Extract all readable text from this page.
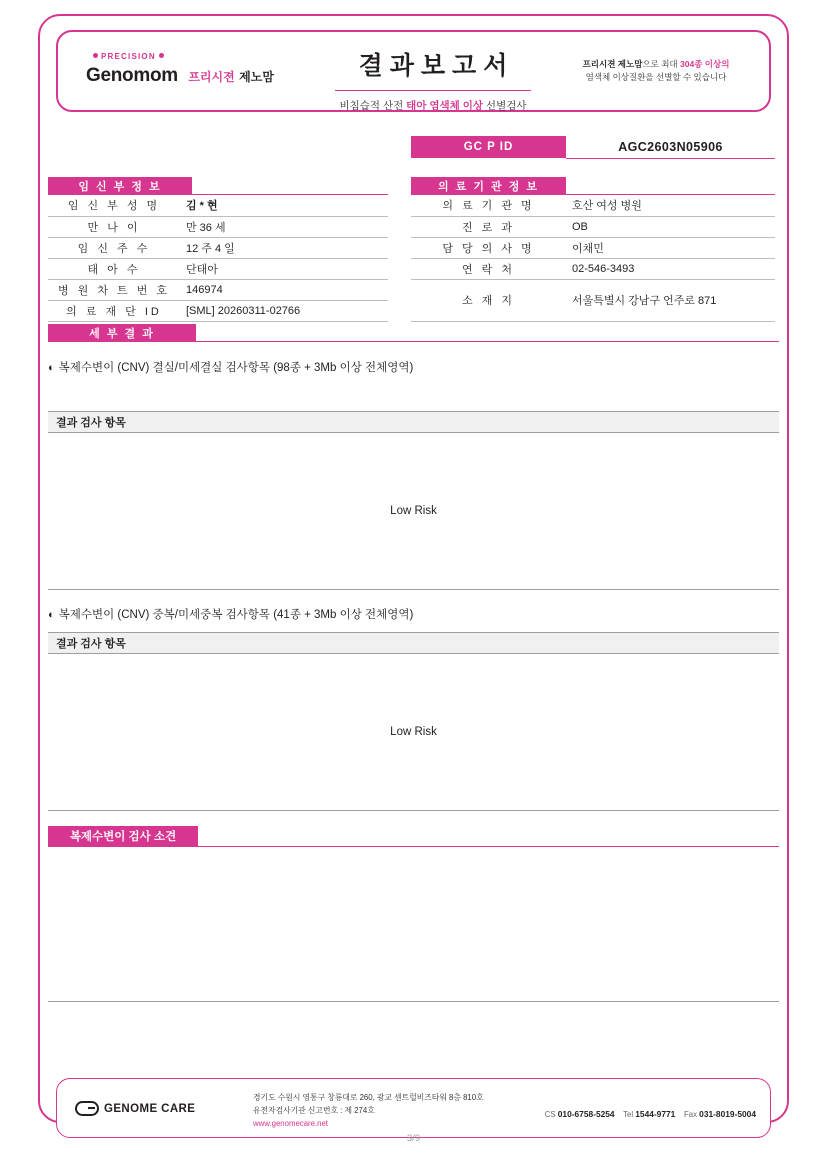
PRECISION
Genomom 프리시젼 제노맘	결과보고서
비침습적 산전 태아 염색체 이상 선별검사
프리시젼 제노맘으로 최대 304종 이상의
염색체 이상질환을 선별할 수 있습니다
GC P ID	AGC2603N05906
임 신 부 정 보
임 신 부 성 명	김 * 현
만 나 이	만 36 세
임 신 주 수	12 주 4 일
태 아 수	단태아
병 원 차 트 번 호	146974
의 료 재 단 ID	[SML] 20260311-02766
의 료 기 관 정 보
의 료 기 관 명	호산 여성 병원
진 로 과	OB
담 당 의 사 명	이채민
연 락 처	02-546-3493
소 재 지	서울특별시 강남구 언주로 871
세 부 결 과
◐ 복제수변이 (CNV) 결실/미세결실 검사항목 (98종 + 3Mb 이상 전체영역)
결과 검사 항목
Low Risk
◐ 복제수변이 (CNV) 중복/미세중복 검사항목 (41종 + 3Mb 이상 전체영역)
결과 검사 항목
Low Risk
복제수변이 검사 소견
GENOME CARE
경기도 수원시 영통구 창룡대로 260, 광교 센트럴비즈타워 8층 810호
유전자검사기관 신고번호 : 제 274호
www.genomecare.net
CS 010-6758-5254 Tel 1544-9771 Fax 031-8019-5004
3/9
